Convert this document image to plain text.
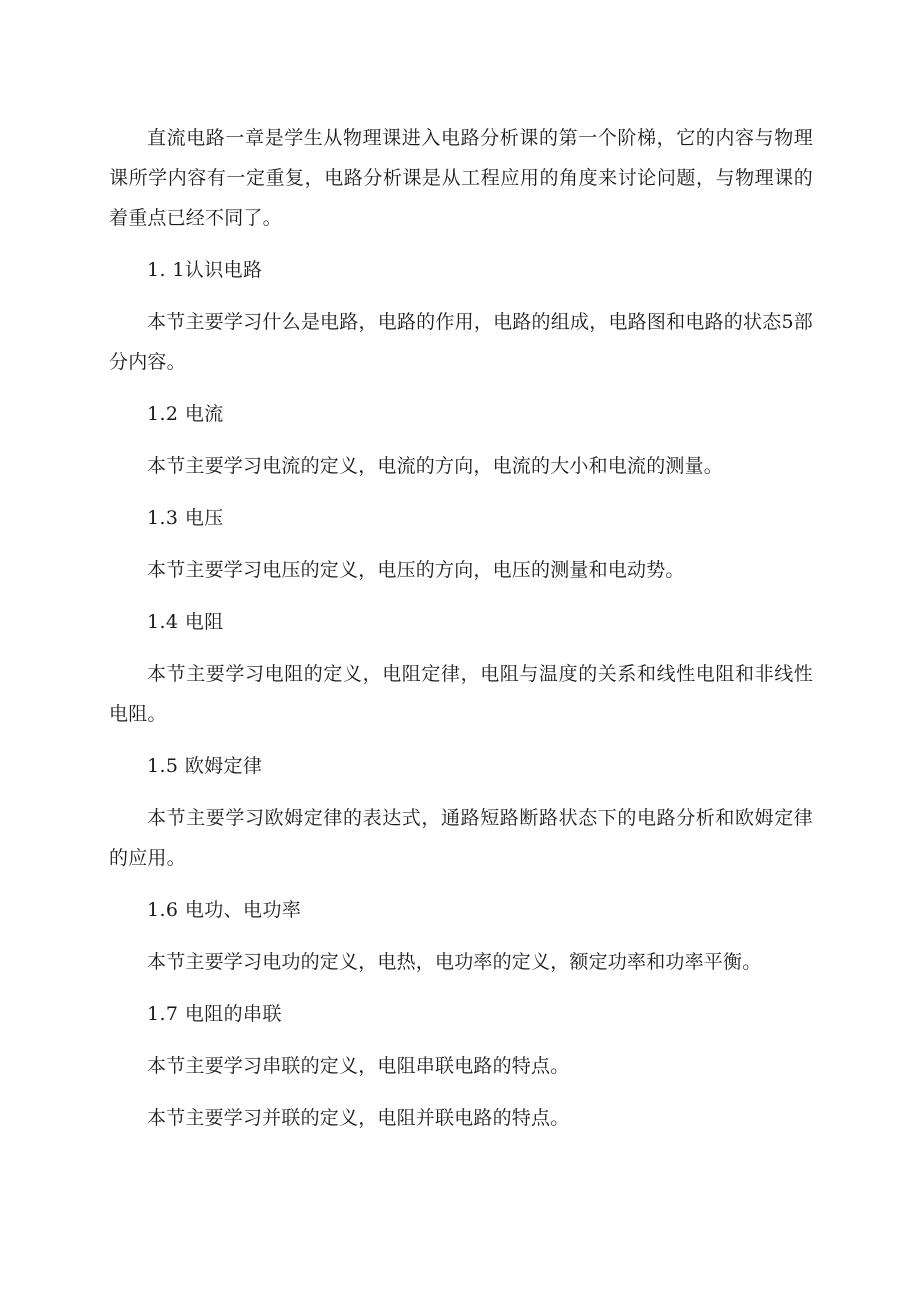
直流电路一章是学生从物理课进入电路分析课的第一个阶梯，它的内容与物理课所学内容有一定重复，电路分析课是从工程应用的角度来讨论问题，与物理课的着重点已经不同了。

1. 1认识电路

本节主要学习什么是电路，电路的作用，电路的组成，电路图和电路的状态5部分内容。

1.2 电流

本节主要学习电流的定义，电流的方向，电流的大小和电流的测量。

1.3 电压

本节主要学习电压的定义，电压的方向，电压的测量和电动势。

1.4 电阻

本节主要学习电阻的定义，电阻定律，电阻与温度的关系和线性电阻和非线性电阻。

1.5 欧姆定律

本节主要学习欧姆定律的表达式，通路短路断路状态下的电路分析和欧姆定律的应用。

1.6 电功、电功率

本节主要学习电功的定义，电热，电功率的定义，额定功率和功率平衡。

1.7 电阻的串联

本节主要学习串联的定义，电阻串联电路的特点。

本节主要学习并联的定义，电阻并联电路的特点。
